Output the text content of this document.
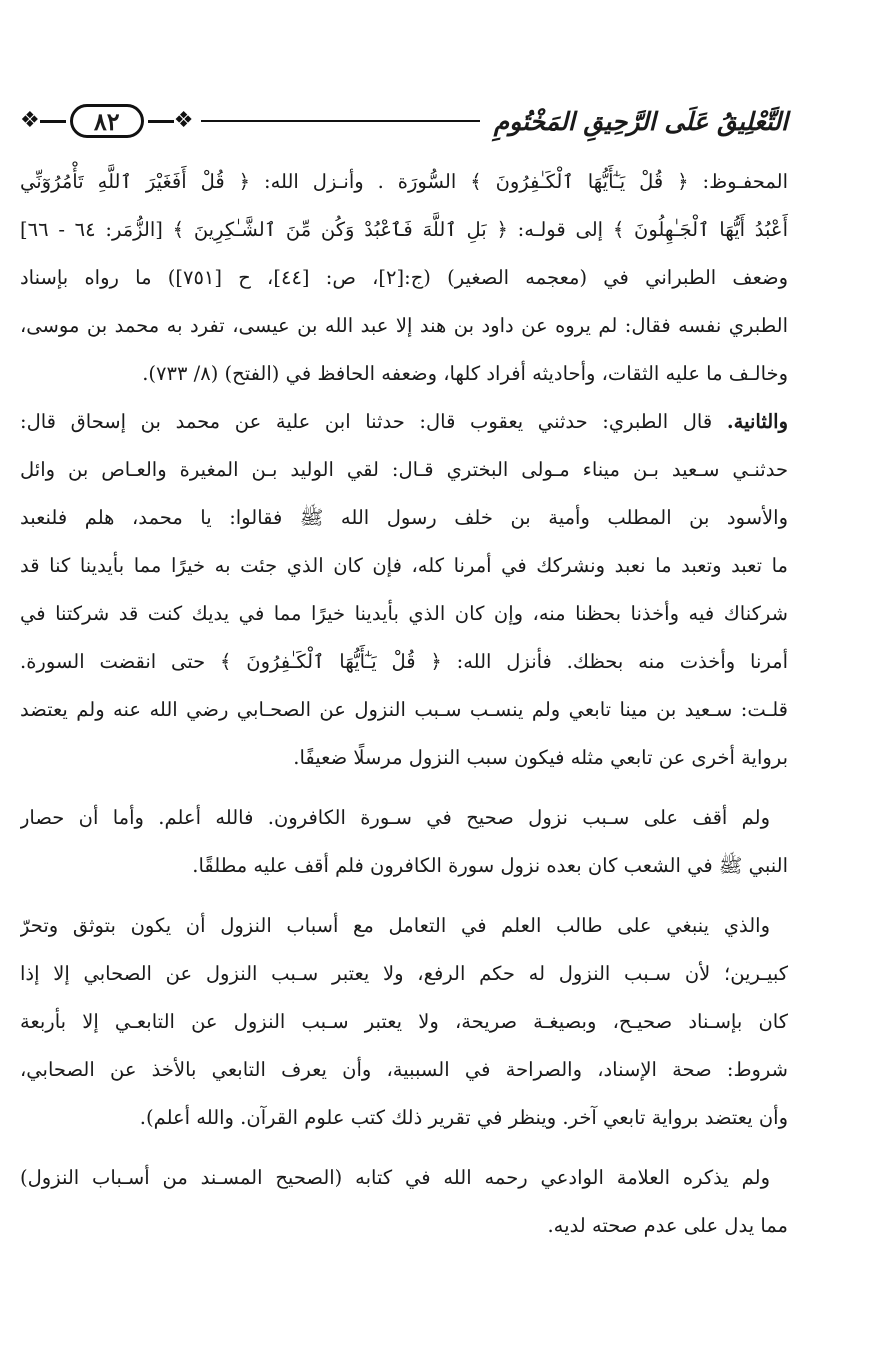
❖ ٨٢ ❖	التَّعْلِيقُ عَلَى الرَّحِيقِ المَخْتُومِ
المحفـوظ: ﴿ قُلْ يَـٰٓأَيُّهَا ٱلْكَـٰفِرُونَ ﴾ السُّورَة . وأنـزل الله: ﴿ قُلْ أَفَغَيْرَ ٱللَّهِ تَأْمُرُوٓنِّي
أَعْبُدُ أَيُّهَا ٱلْجَـٰهِلُونَ ﴾ إلى قولـه: ﴿ بَلِ ٱللَّهَ فَٱعْبُدْ وَكُن مِّنَ ٱلشَّـٰكِرِينَ ﴾ [الزُّمَر: ٦٤ - ٦٦]
وضعف الطبراني في (معجمه الصغير) (ج:[٢]، ص: [٤٤]، ح [٧٥١]) ما رواه بإسناد
الطبري نفسه فقال: لم يروه عن داود بن هند إلا عبد الله بن عيسى، تفرد به محمد بن موسى،
وخالـف ما عليه الثقات، وأحاديثه أفراد كلها، وضعفه الحافظ في (الفتح) (٨/ ٧٣٣).
والثانية. قال الطبري: حدثني يعقوب قال: حدثنا ابن علية عن محمد بن إسحاق قال:
حدثنـي سـعيد بـن ميناء مـولى البختري قـال: لقي الوليد بـن المغيرة والعـاص بن وائل
والأسود بن المطلب وأمية بن خلف رسول الله ﷺ فقالوا: يا محمد، هلم فلنعبد
ما تعبد وتعبد ما نعبد ونشركك في أمرنا كله، فإن كان الذي جئت به خيرًا مما بأيدينا كنا قد
شركناك فيه وأخذنا بحظنا منه، وإن كان الذي بأيدينا خيرًا مما في يديك كنت قد شركتنا في
أمرنا وأخذت منه بحظك. فأنزل الله: ﴿ قُلْ يَـٰٓأَيُّهَا ٱلْكَـٰفِرُونَ ﴾ حتى انقضت السورة.
قلـت: سـعيد بن مينا تابعي ولم ينسـب سـبب النزول عن الصحـابي رضي الله عنه ولم يعتضد
برواية أخرى عن تابعي مثله فيكون سبب النزول مرسلًا ضعيفًا.
ولم أقف على سـبب نزول صحيح في سـورة الكافرون. فالله أعلم. وأما أن حصار
النبي ﷺ في الشعب كان بعده نزول سورة الكافرون فلم أقف عليه مطلقًا.
والذي ينبغي على طالب العلم في التعامل مع أسباب النزول أن يكون بتوثق وتحرّ
كبيـرين؛ لأن سـبب النزول له حكم الرفع، ولا يعتبر سـبب النزول عن الصحابي إلا إذا
كان بإسـناد صحيـح، وبصيغـة صريحة، ولا يعتبر سـبب النزول عن التابعـي إلا بأربعة
شروط: صحة الإسناد، والصراحة في السببية، وأن يعرف التابعي بالأخذ عن الصحابي،
وأن يعتضد برواية تابعي آخر. وينظر في تقرير ذلك كتب علوم القرآن. والله أعلم).
ولم يذكره العلامة الوادعي رحمه الله في كتابه (الصحيح المسـند من أسـباب النزول)
مما يدل على عدم صحته لديه.
